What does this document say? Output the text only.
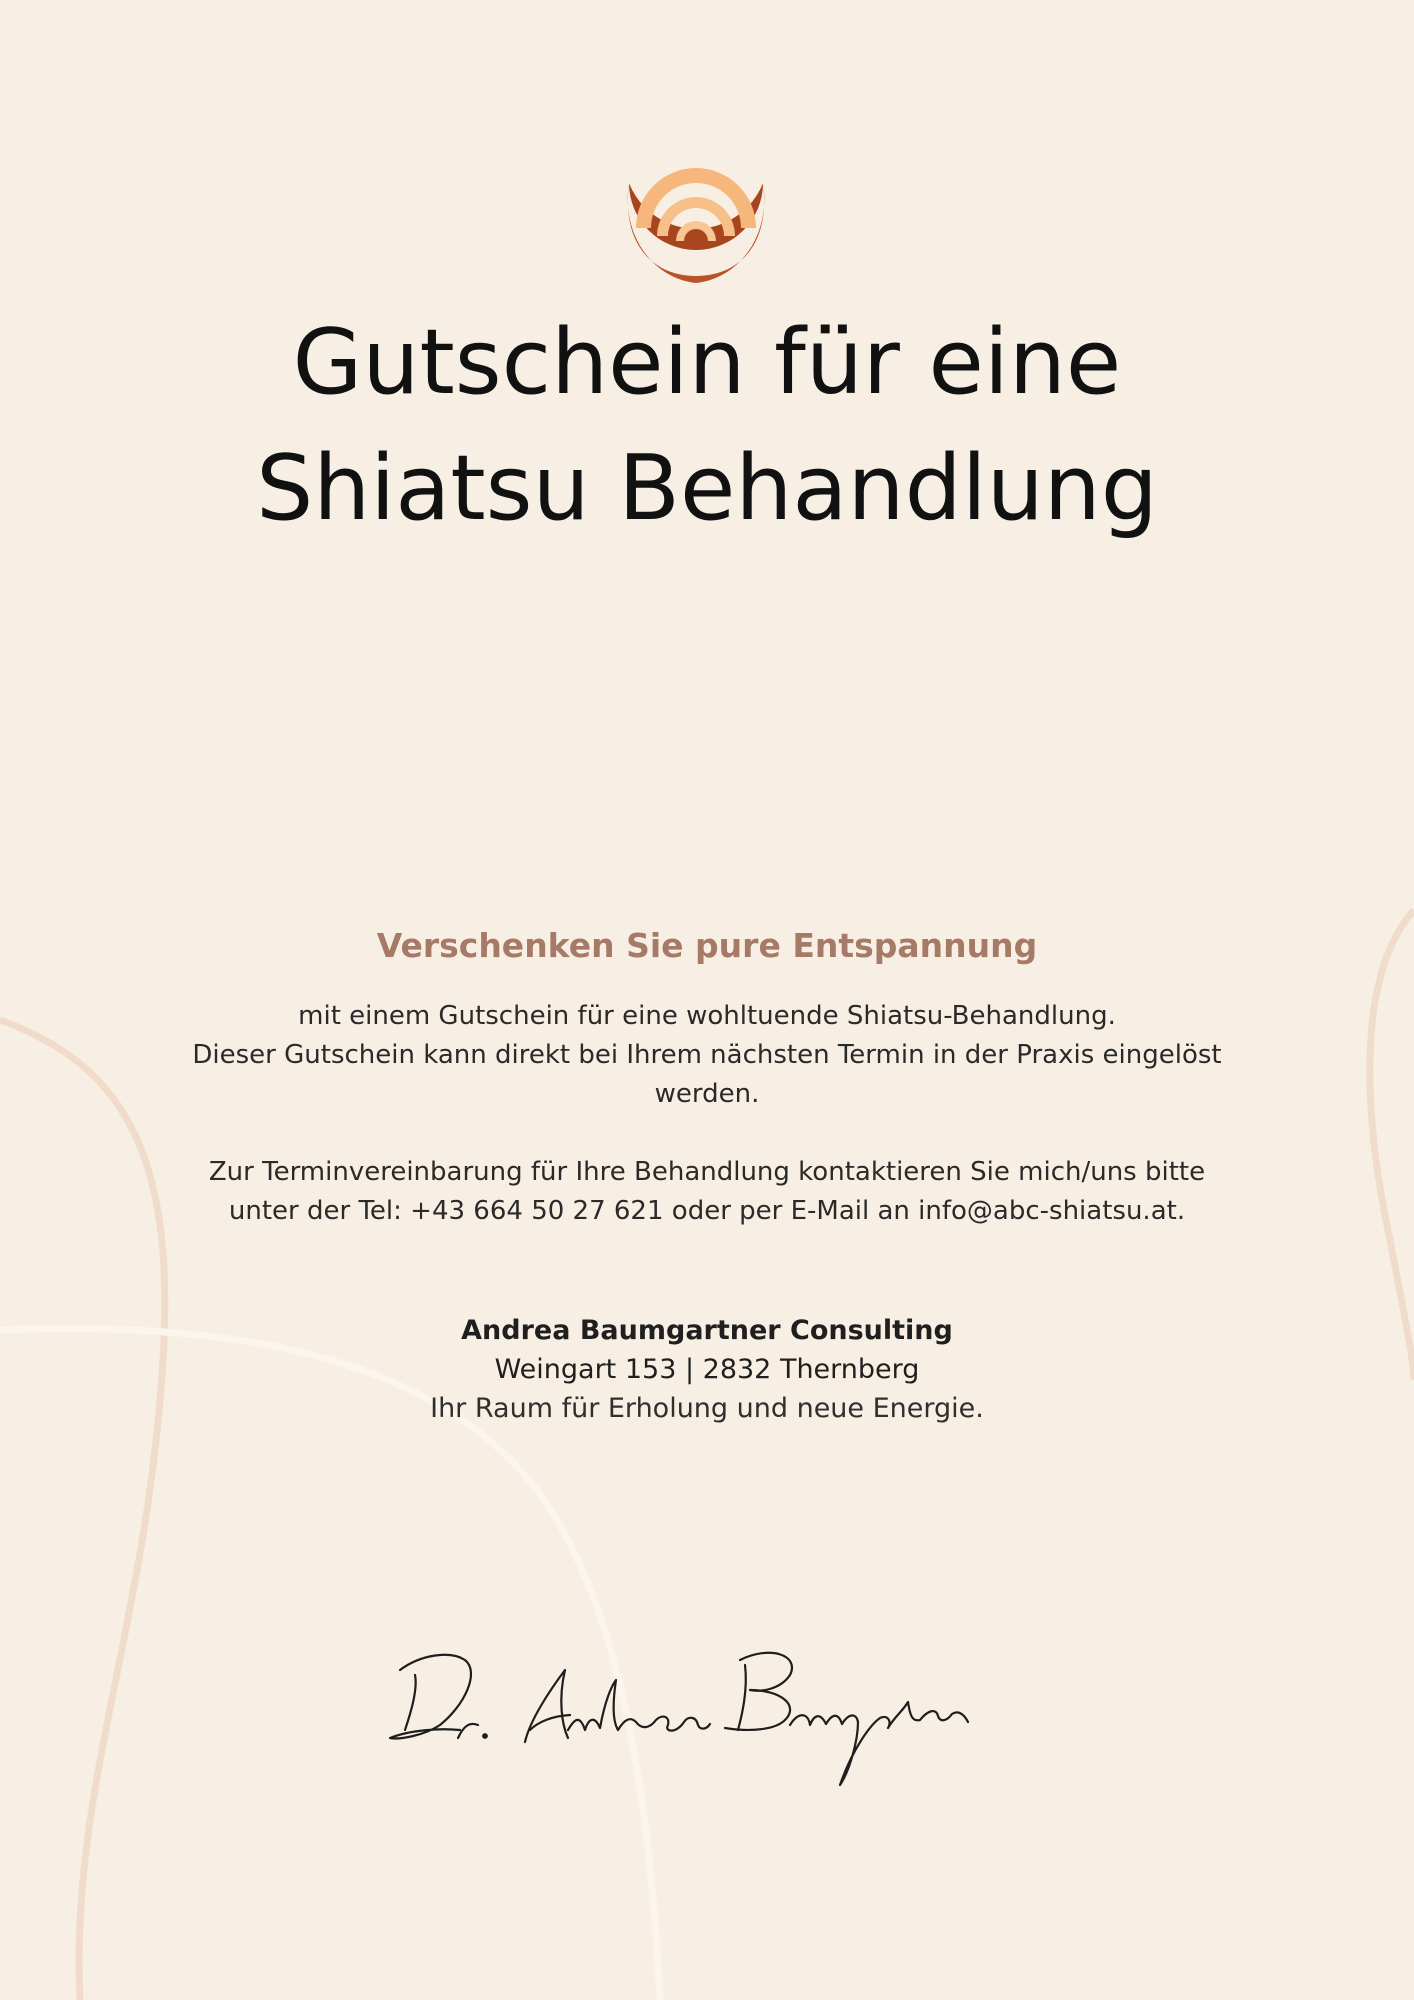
Gutschein für eine
Shiatsu Behandlung
Verschenken Sie pure Entspannung

mit einem Gutschein für eine wohltuende Shiatsu-Behandlung.
Dieser Gutschein kann direkt bei Ihrem nächsten Termin in der Praxis eingelöst
werden.

Zur Terminvereinbarung für Ihre Behandlung kontaktieren Sie mich/uns bitte
unter der Tel: +43 664 50 27 621 oder per E-Mail an info@abc-shiatsu.at.

Andrea Baumgartner Consulting
Weingart 153 | 2832 Thernberg
Ihr Raum für Erholung und neue Energie.
